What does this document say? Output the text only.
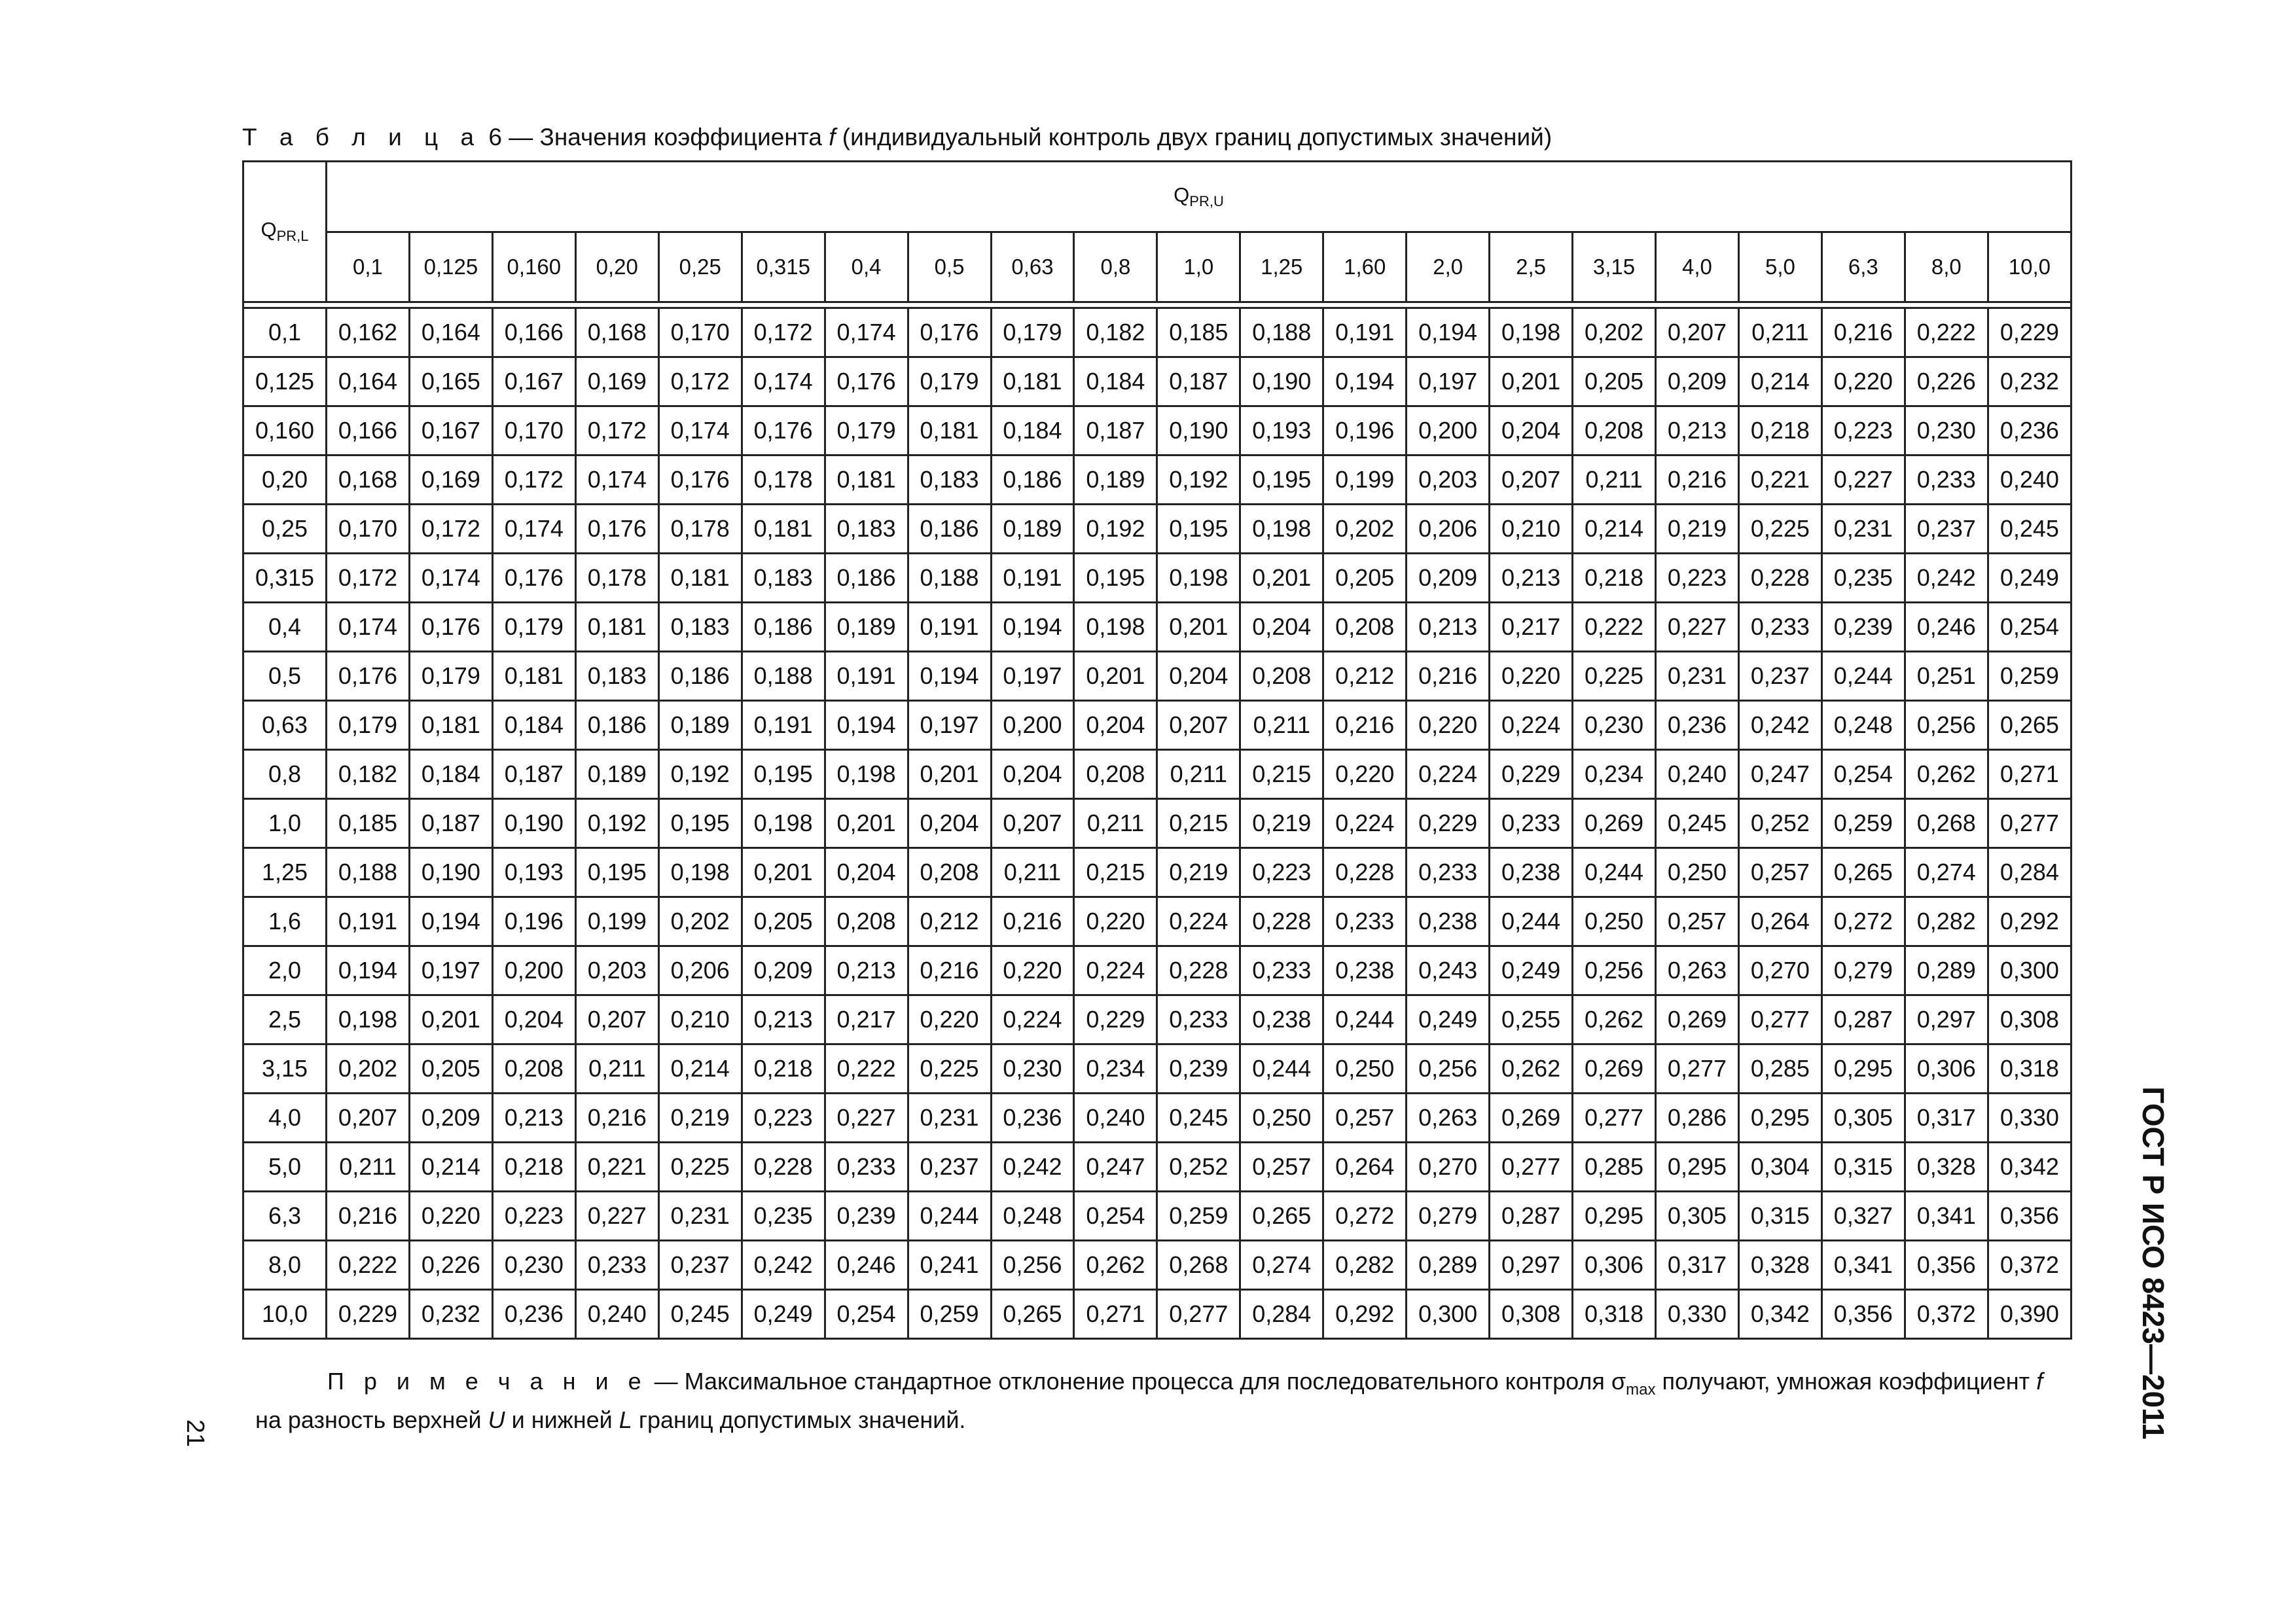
Т а б л и ц а 6 — Значения коэффициента f (индивидуальный контроль двух границ допустимых значений)
$Q_{PR,L}$	$Q_{PR,U}$
	0,1	0,125	0,160	0,20	0,25	0,315	0,4	0,5	0,63	0,8	1,0	1,25	1,60	2,0	2,5	3,15	4,0	5,0	6,3	8,0	10,0

0,1	0,162	0,164	0,166	0,168	0,170	0,172	0,174	0,176	0,179	0,182	0,185	0,188	0,191	0,194	0,198	0,202	0,207	0,211	0,216	0,222	0,229
0,125	0,164	0,165	0,167	0,169	0,172	0,174	0,176	0,179	0,181	0,184	0,187	0,190	0,194	0,197	0,201	0,205	0,209	0,214	0,220	0,226	0,232
0,160	0,166	0,167	0,170	0,172	0,174	0,176	0,179	0,181	0,184	0,187	0,190	0,193	0,196	0,200	0,204	0,208	0,213	0,218	0,223	0,230	0,236
0,20	0,168	0,169	0,172	0,174	0,176	0,178	0,181	0,183	0,186	0,189	0,192	0,195	0,199	0,203	0,207	0,211	0,216	0,221	0,227	0,233	0,240
0,25	0,170	0,172	0,174	0,176	0,178	0,181	0,183	0,186	0,189	0,192	0,195	0,198	0,202	0,206	0,210	0,214	0,219	0,225	0,231	0,237	0,245
0,315	0,172	0,174	0,176	0,178	0,181	0,183	0,186	0,188	0,191	0,195	0,198	0,201	0,205	0,209	0,213	0,218	0,223	0,228	0,235	0,242	0,249
0,4	0,174	0,176	0,179	0,181	0,183	0,186	0,189	0,191	0,194	0,198	0,201	0,204	0,208	0,213	0,217	0,222	0,227	0,233	0,239	0,246	0,254
0,5	0,176	0,179	0,181	0,183	0,186	0,188	0,191	0,194	0,197	0,201	0,204	0,208	0,212	0,216	0,220	0,225	0,231	0,237	0,244	0,251	0,259
0,63	0,179	0,181	0,184	0,186	0,189	0,191	0,194	0,197	0,200	0,204	0,207	0,211	0,216	0,220	0,224	0,230	0,236	0,242	0,248	0,256	0,265
0,8	0,182	0,184	0,187	0,189	0,192	0,195	0,198	0,201	0,204	0,208	0,211	0,215	0,220	0,224	0,229	0,234	0,240	0,247	0,254	0,262	0,271
1,0	0,185	0,187	0,190	0,192	0,195	0,198	0,201	0,204	0,207	0,211	0,215	0,219	0,224	0,229	0,233	0,269	0,245	0,252	0,259	0,268	0,277
1,25	0,188	0,190	0,193	0,195	0,198	0,201	0,204	0,208	0,211	0,215	0,219	0,223	0,228	0,233	0,238	0,244	0,250	0,257	0,265	0,274	0,284
1,6	0,191	0,194	0,196	0,199	0,202	0,205	0,208	0,212	0,216	0,220	0,224	0,228	0,233	0,238	0,244	0,250	0,257	0,264	0,272	0,282	0,292
2,0	0,194	0,197	0,200	0,203	0,206	0,209	0,213	0,216	0,220	0,224	0,228	0,233	0,238	0,243	0,249	0,256	0,263	0,270	0,279	0,289	0,300
2,5	0,198	0,201	0,204	0,207	0,210	0,213	0,217	0,220	0,224	0,229	0,233	0,238	0,244	0,249	0,255	0,262	0,269	0,277	0,287	0,297	0,308
3,15	0,202	0,205	0,208	0,211	0,214	0,218	0,222	0,225	0,230	0,234	0,239	0,244	0,250	0,256	0,262	0,269	0,277	0,285	0,295	0,306	0,318
4,0	0,207	0,209	0,213	0,216	0,219	0,223	0,227	0,231	0,236	0,240	0,245	0,250	0,257	0,263	0,269	0,277	0,286	0,295	0,305	0,317	0,330
5,0	0,211	0,214	0,218	0,221	0,225	0,228	0,233	0,237	0,242	0,247	0,252	0,257	0,264	0,270	0,277	0,285	0,295	0,304	0,315	0,328	0,342
6,3	0,216	0,220	0,223	0,227	0,231	0,235	0,239	0,244	0,248	0,254	0,259	0,265	0,272	0,279	0,287	0,295	0,305	0,315	0,327	0,341	0,356
8,0	0,222	0,226	0,230	0,233	0,237	0,242	0,246	0,241	0,256	0,262	0,268	0,274	0,282	0,289	0,297	0,306	0,317	0,328	0,341	0,356	0,372
10,0	0,229	0,232	0,236	0,240	0,245	0,249	0,254	0,259	0,265	0,271	0,277	0,284	0,292	0,300	0,308	0,318	0,330	0,342	0,356	0,372	0,390
П р и м е ч а н и е — Максимальное стандартное отклонение процесса для последовательного контроля $\sigma_{max}$ получают, умножая коэффициент f на разность верхней U и нижней L границ допустимых значений.
21	ГОСТ Р ИСО 8423—2011
